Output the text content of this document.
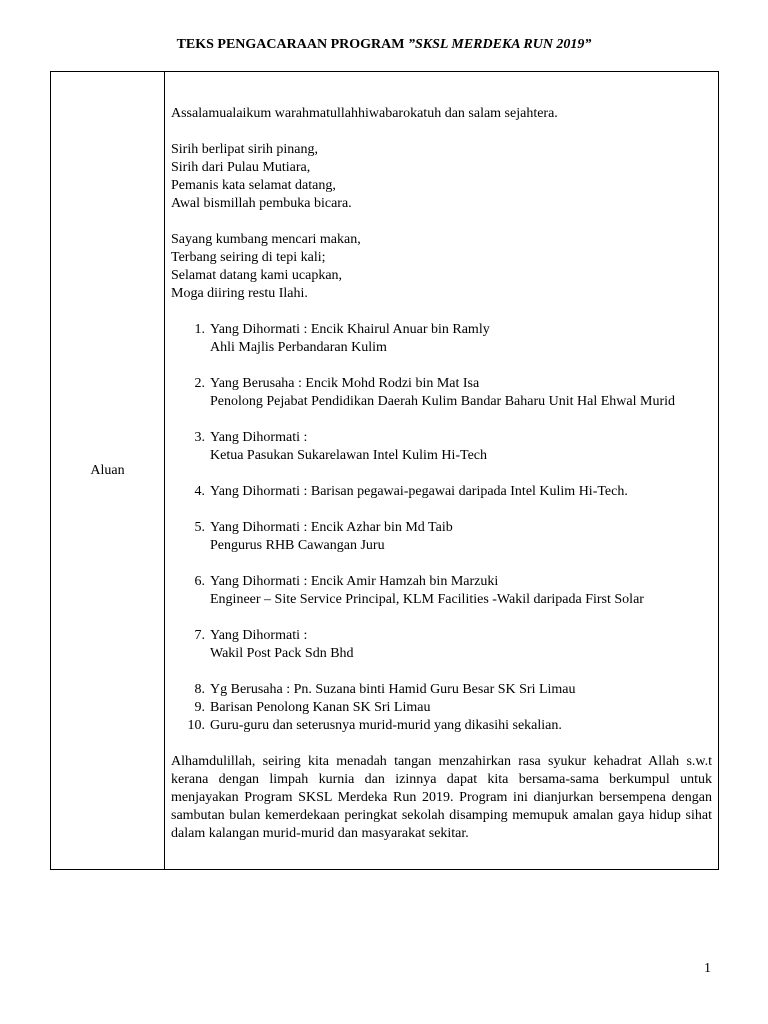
TEKS PENGACARAAN PROGRAM ”SKSL MERDEKA RUN 2019”
Aluan

Assalamualaikum warahmatullahhiwabarokatuh dan salam sejahtera.

Sirih berlipat sirih pinang,
Sirih dari Pulau Mutiara,
Pemanis kata selamat datang,
Awal bismillah pembuka bicara.
Sayang kumbang mencari makan,
Terbang seiring di tepi kali;
Selamat datang kami ucapkan,
Moga diiring restu Ilahi.
1. Yang Dihormati : Encik Khairul Anuar bin Ramly
Ahli Majlis Perbandaran Kulim
2. Yang Berusaha : Encik Mohd Rodzi bin Mat Isa
Penolong Pejabat Pendidikan Daerah Kulim Bandar Baharu Unit Hal Ehwal Murid
3. Yang Dihormati :
Ketua Pasukan Sukarelawan Intel Kulim Hi-Tech
4. Yang Dihormati : Barisan pegawai-pegawai daripada Intel Kulim Hi-Tech.
5. Yang Dihormati : Encik Azhar bin Md Taib
Pengurus RHB Cawangan Juru
6. Yang Dihormati : Encik Amir Hamzah bin Marzuki
Engineer – Site Service Principal, KLM Facilities -Wakil daripada First Solar
7. Yang Dihormati :
Wakil Post Pack Sdn Bhd
8. Yg Berusaha : Pn. Suzana binti Hamid Guru Besar SK Sri Limau
9. Barisan Penolong Kanan SK Sri Limau
10. Guru-guru dan seterusnya murid-murid yang dikasihi sekalian.

Alhamdulillah, seiring kita menadah tangan menzahirkan rasa syukur kehadrat Allah s.w.t kerana dengan limpah kurnia dan izinnya dapat kita bersama-sama berkumpul untuk menjayakan Program SKSL Merdeka Run 2019. Program ini dianjurkan bersempena dengan sambutan bulan kemerdekaan peringkat sekolah disamping memupuk amalan gaya hidup sihat dalam kalangan murid-murid dan masyarakat sekitar.

1
